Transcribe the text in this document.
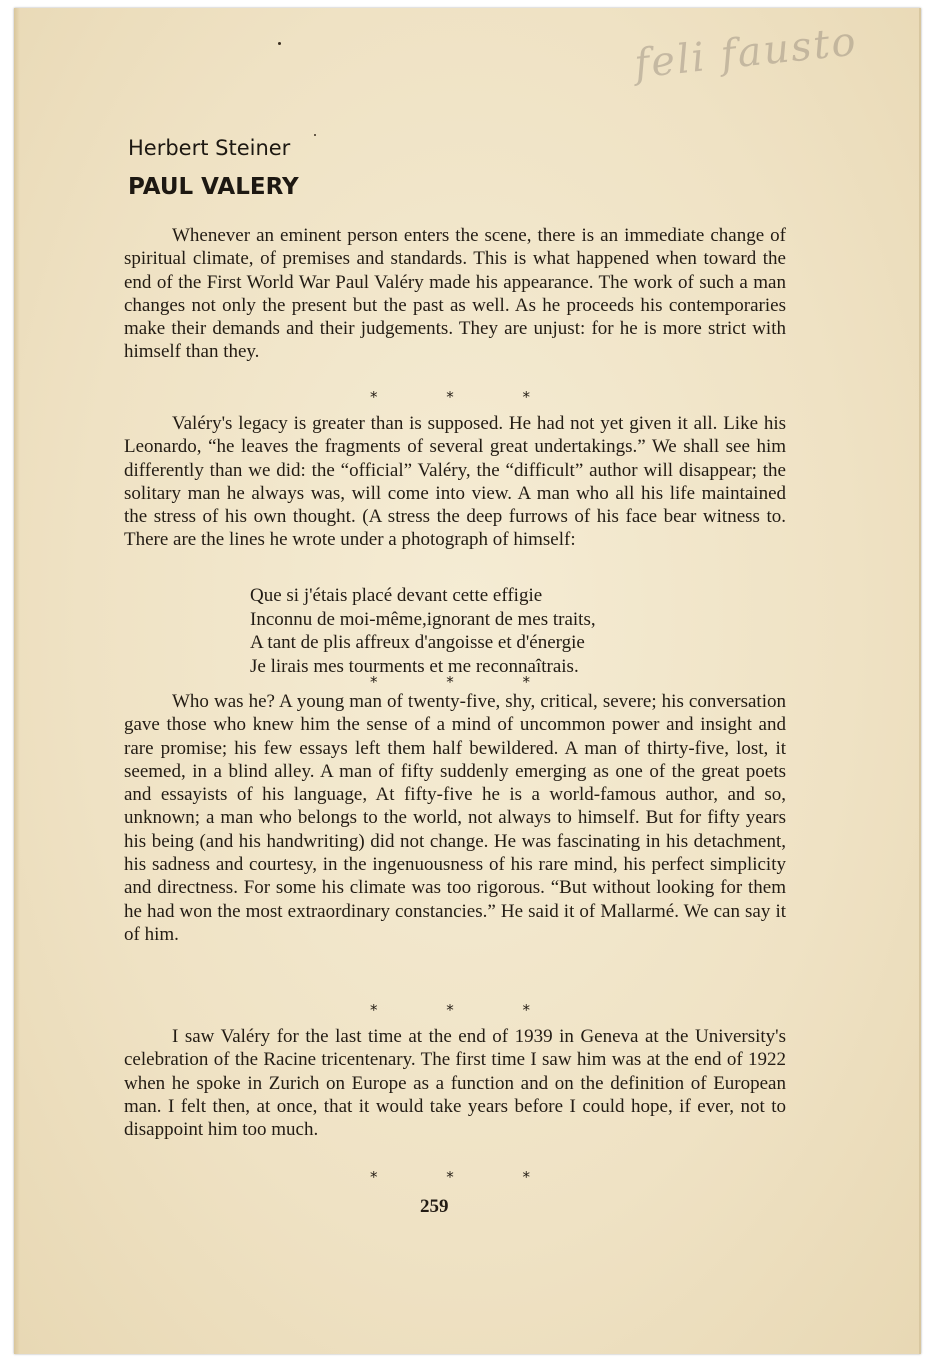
feli fausto
Herbert Steiner
PAUL VALERY

Whenever an eminent person enters the scene, there is an immediate change of spiritual climate, of premises and standards. This is what happened when toward the end of the First World War Paul Valéry made his appearance. The work of such a man changes not only the present but the past as well. As he proceeds his contemporaries make their demands and their judgements. They are unjust: for he is more strict with himself than they.

*	*	*

Valéry's legacy is greater than is supposed. He had not yet given it all. Like his Leonardo, “he leaves the fragments of several great undertakings.” We shall see him differently than we did: the “official” Valéry, the “difficult” author will disappear; the solitary man he always was, will come into view. A man who all his life maintained the stress of his own thought. (A stress the deep furrows of his face bear witness to. There are the lines he wrote under a photograph of himself:

Que si j'étais placé devant cette effigie
Inconnu de moi-même,ignorant de mes traits,
A tant de plis affreux d'angoisse et d'énergie
Je lirais mes tourments et me reconnaîtrais.
*	*	*

Who was he? A young man of twenty-five, shy, critical, severe; his conversation gave those who knew him the sense of a mind of uncommon power and insight and rare promise; his few essays left them half bewildered. A man of thirty-five, lost, it seemed, in a blind alley. A man of fifty suddenly emerging as one of the great poets and essayists of his language, At fifty-five he is a world-famous author, and so, unknown; a man who belongs to the world, not always to himself. But for fifty years his being (and his handwriting) did not change. He was fascinating in his detachment, his sadness and courtesy, in the ingenuousness of his rare mind, his perfect simplicity and directness. For some his climate was too rigorous. “But without looking for them he had won the most extraordinary constancies.” He said it of Mallarmé. We can say it of him.

*	*	*

I saw Valéry for the last time at the end of 1939 in Geneva at the University's celebration of the Racine tricentenary. The first time I saw him was at the end of 1922 when he spoke in Zurich on Europe as a function and on the definition of European man. I felt then, at once, that it would take years before I could hope, if ever, not to disappoint him too much.

*	*	*
259
